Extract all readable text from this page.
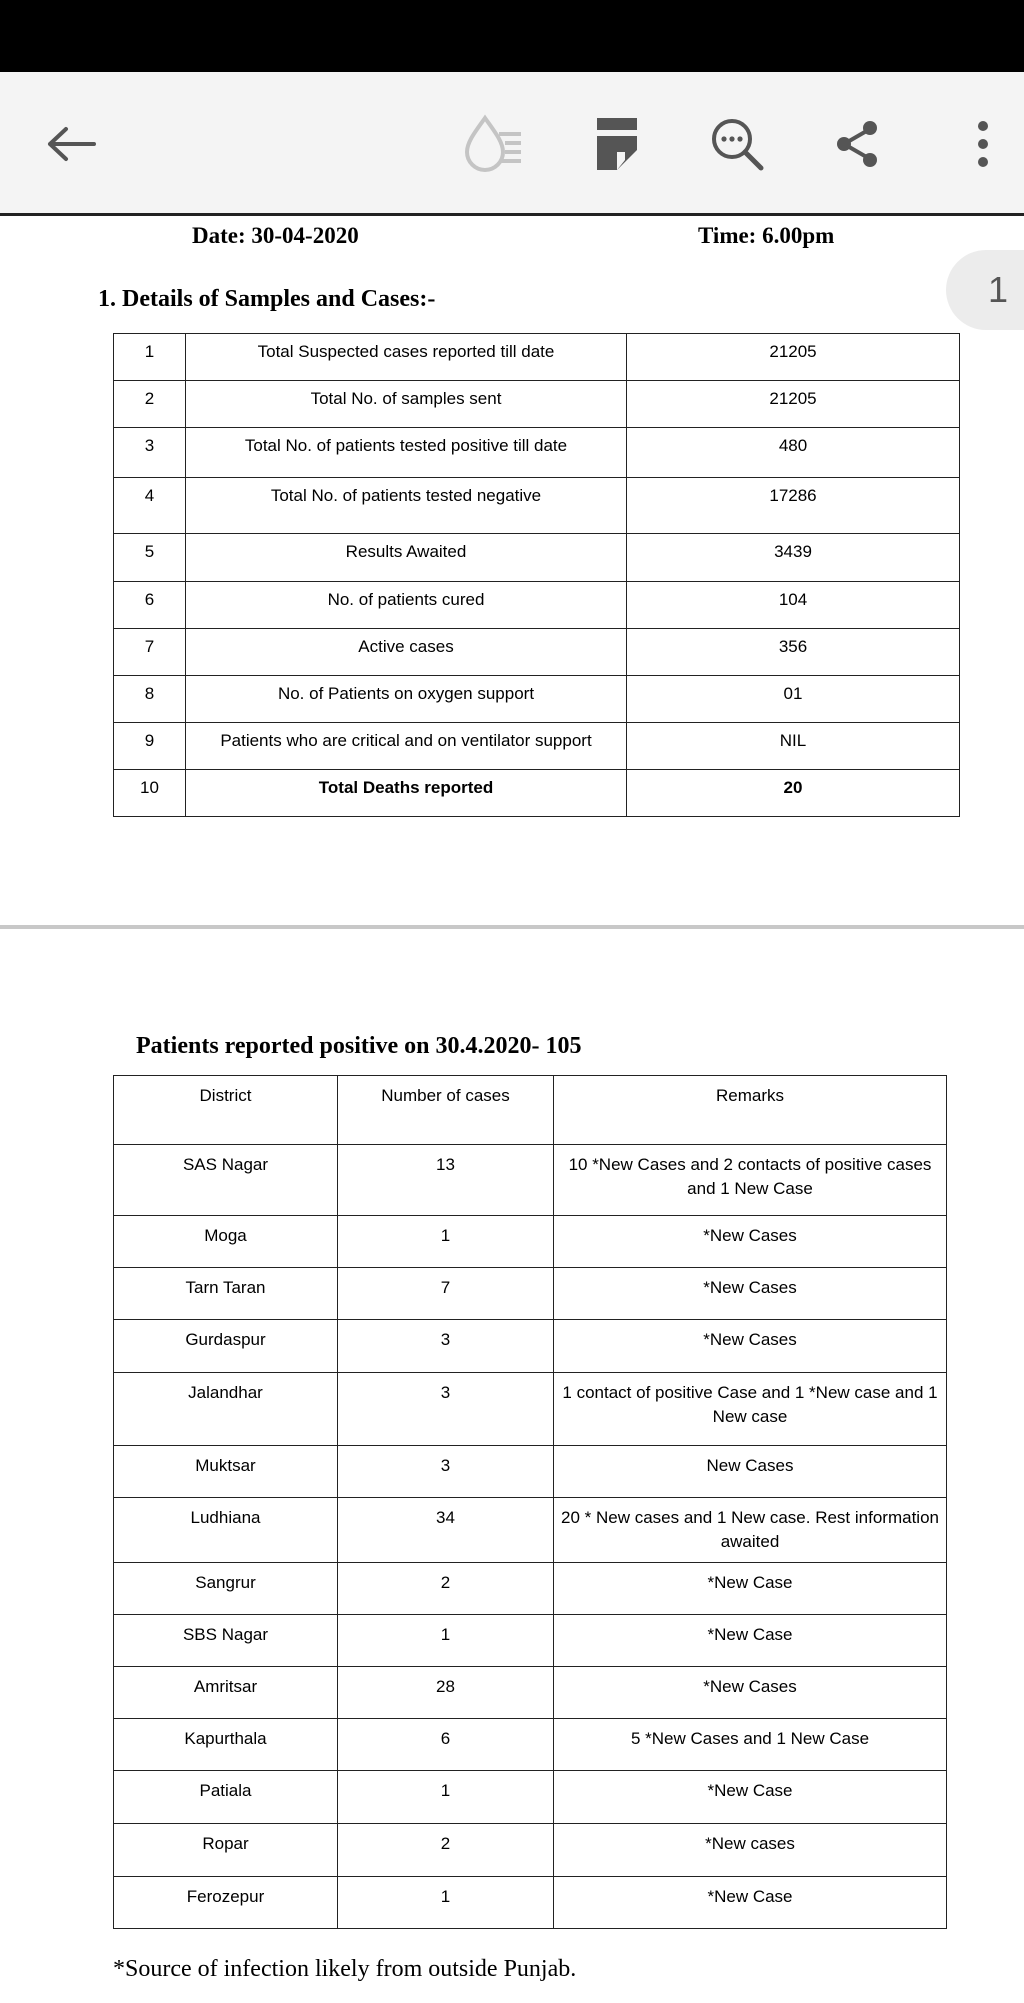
Date: 30-04-2020	Time: 6.00pm
1
1. Details of Samples and Cases:-
1	Total Suspected cases reported till date	21205
2	Total No. of samples sent	21205
3	Total No. of patients tested positive till date	480
4	Total No. of patients tested negative	17286
5	Results Awaited	3439
6	No. of patients cured	104
7	Active cases	356
8	No. of Patients on oxygen support	01
9	Patients who are critical and on ventilator support	NIL
10	Total Deaths reported	20
Patients reported positive on 30.4.2020- 105
District	Number of cases	Remarks
SAS Nagar	13	10 *New Cases and 2 contacts of positive cases and 1 New Case
Moga	1	*New Cases
Tarn Taran	7	*New Cases
Gurdaspur	3	*New Cases
Jalandhar	3	1 contact of positive Case and 1 *New case and 1 New case
Muktsar	3	New Cases
Ludhiana	34	20 * New cases and 1 New case. Rest information awaited
Sangrur	2	*New Case
SBS Nagar	1	*New Case
Amritsar	28	*New Cases
Kapurthala	6	5 *New Cases and 1 New Case
Patiala	1	*New Case
Ropar	2	*New cases
Ferozepur	1	*New Case
*Source of infection likely from outside Punjab.
